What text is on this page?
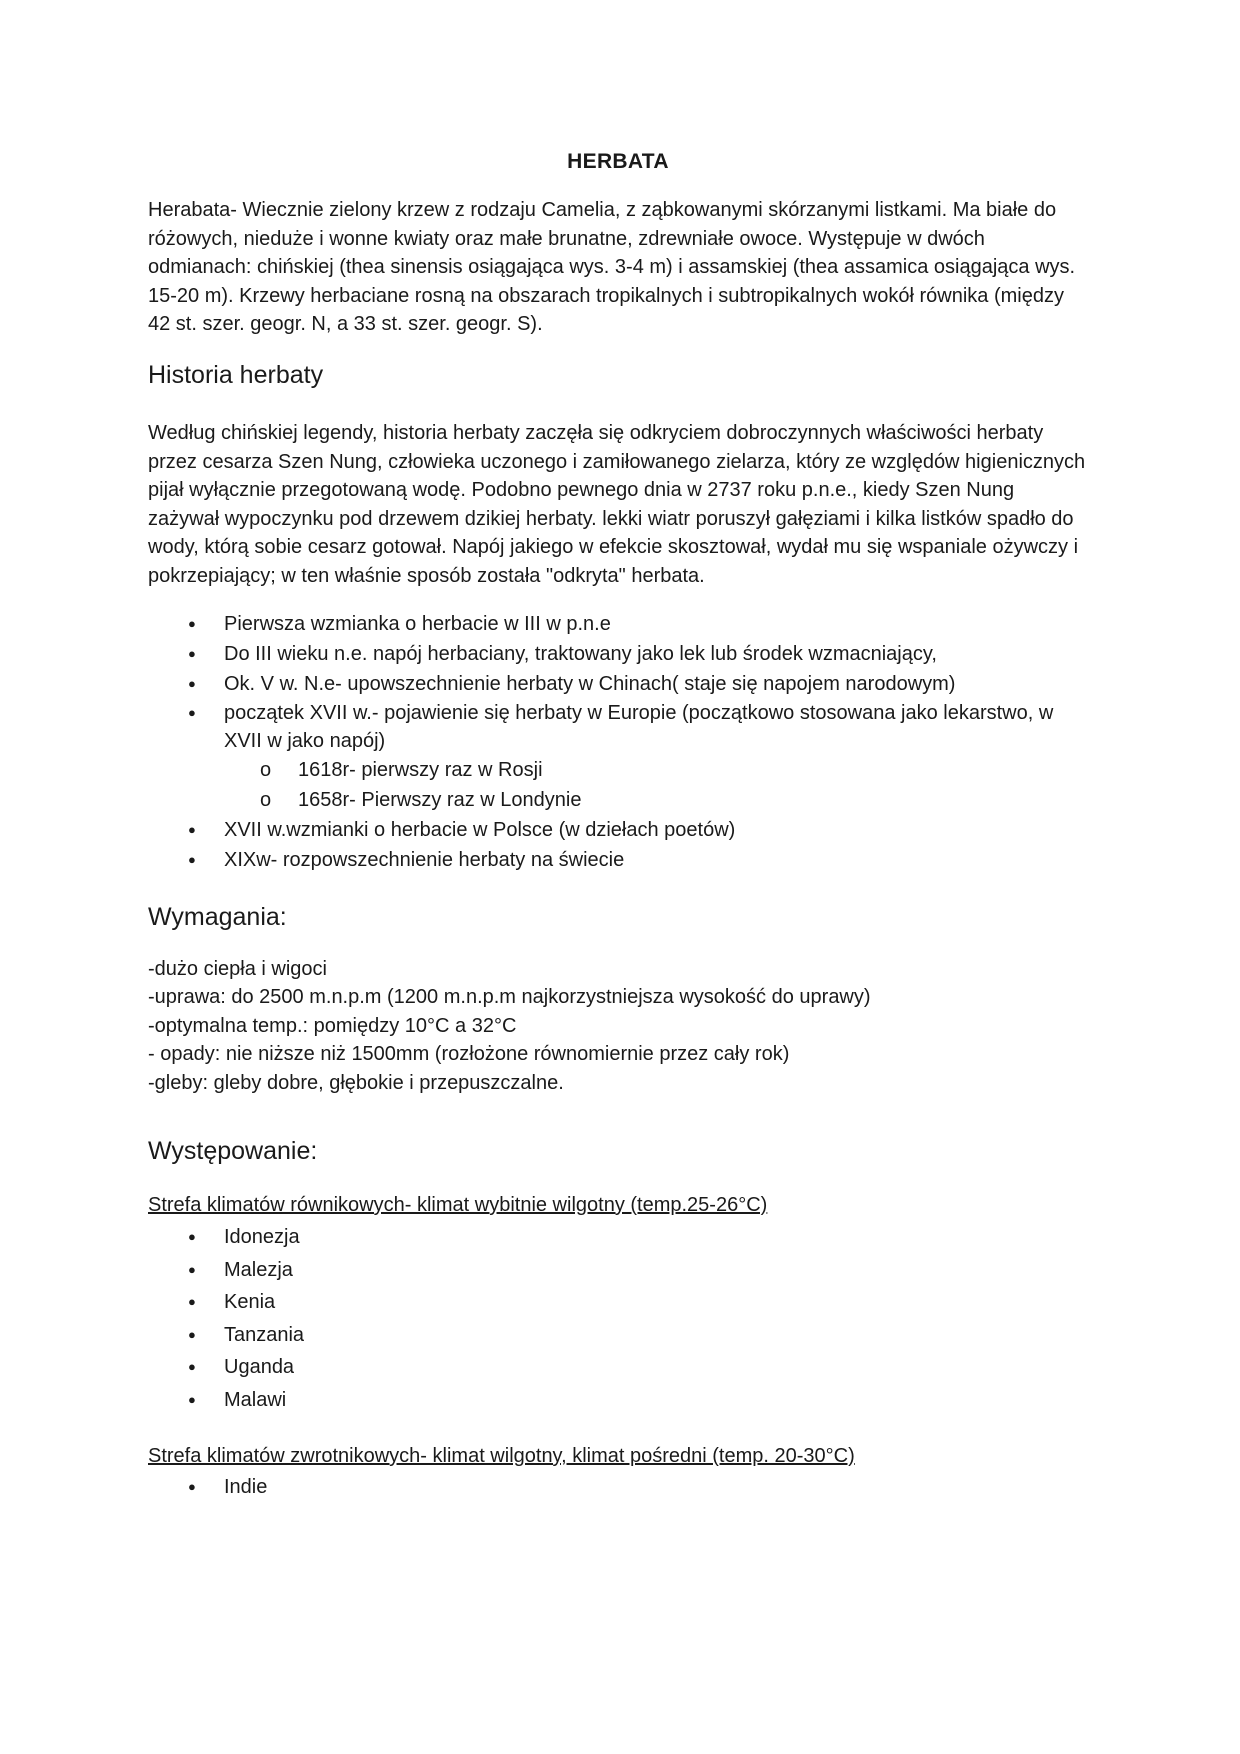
HERBATA

Herabata- Wiecznie zielony krzew z rodzaju Camelia, z ząbkowanymi skórzanymi listkami. Ma białe do różowych, nieduże i wonne kwiaty oraz małe brunatne, zdrewniałe owoce. Występuje w dwóch odmianach: chińskiej (thea sinensis osiągająca wys. 3-4 m) i assamskiej (thea assamica osiągająca wys. 15-20 m). Krzewy herbaciane rosną na obszarach tropikalnych i subtropikalnych wokół równika (między 42 st. szer. geogr. N, a 33 st. szer. geogr. S).

Historia herbaty

Według chińskiej legendy, historia herbaty zaczęła się odkryciem dobroczynnych właściwości herbaty przez cesarza Szen Nung, człowieka uczonego i zamiłowanego zielarza, który ze względów higienicznych pijał wyłącznie przegotowaną wodę. Podobno pewnego dnia w 2737 roku p.n.e., kiedy Szen Nung zażywał wypoczynku pod drzewem dzikiej herbaty. lekki wiatr poruszył gałęziami i kilka listków spadło do wody, którą sobie cesarz gotował. Napój jakiego w efekcie skosztował, wydał mu się wspaniale ożywczy i pokrzepiający; w ten właśnie sposób została "odkryta" herbata.

● Pierwsza wzmianka o herbacie w III w p.n.e
● Do III wieku n.e. napój herbaciany, traktowany jako lek lub środek wzmacniający,
● Ok. V w. N.e- upowszechnienie herbaty w Chinach( staje się napojem narodowym)
● początek XVII w.- pojawienie się herbaty w Europie (początkowo stosowana jako lekarstwo, w XVII w jako napój)
o 1618r- pierwszy raz w Rosji
o 1658r- Pierwszy raz w Londynie
● XVII w.wzmianki o herbacie w Polsce (w dziełach poetów)
● XIXw- rozpowszechnienie herbaty na świecie
Wymagania:

-dużo ciepła i wigoci

-uprawa: do 2500 m.n.p.m (1200 m.n.p.m najkorzystniejsza wysokość do uprawy)

-optymalna temp.: pomiędzy 10°C a 32°C

- opady: nie niższe niż 1500mm (rozłożone równomiernie przez cały rok)

-gleby: gleby dobre, głębokie i przepuszczalne.

Występowanie:

Strefa klimatów równikowych- klimat wybitnie wilgotny (temp.25-26°C)

● Idonezja
● Malezja
● Kenia
● Tanzania
● Uganda
● Malawi

Strefa klimatów zwrotnikowych- klimat wilgotny, klimat pośredni (temp. 20-30°C)

● Indie
